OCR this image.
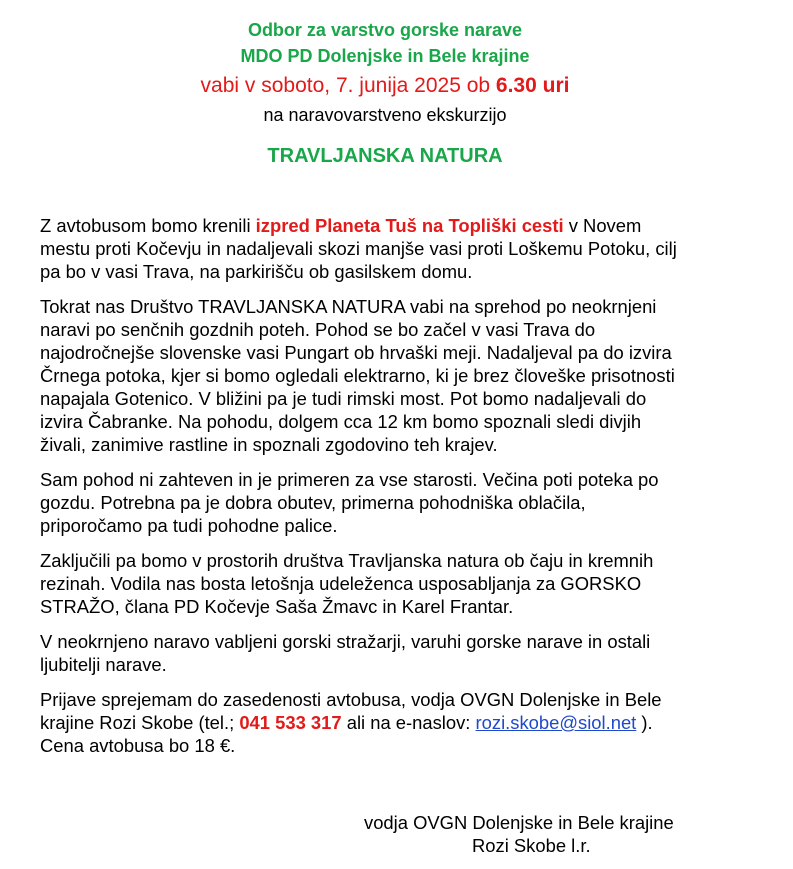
Odbor za varstvo gorske narave
MDO PD Dolenjske in Bele krajine
vabi v soboto, 7. junija 2025 ob 6.30 uri
na naravovarstveno ekskurzijo
TRAVLJANSKA NATURA

Z avtobusom bomo krenili izpred Planeta Tuš na Topliški cesti v Novem
mestu proti Kočevju in nadaljevali skozi manjše vasi proti Loškemu Potoku, cilj
pa bo v vasi Trava, na parkirišču ob gasilskem domu.

Tokrat nas Društvo TRAVLJANSKA NATURA vabi na sprehod po neokrnjeni
naravi po senčnih gozdnih poteh. Pohod se bo začel v vasi Trava do
najodročnejše slovenske vasi Pungart ob hrvaški meji. Nadaljeval pa do izvira
Črnega potoka, kjer si bomo ogledali elektrarno, ki je brez človeške prisotnosti
napajala Gotenico. V bližini pa je tudi rimski most. Pot bomo nadaljevali do
izvira Čabranke. Na pohodu, dolgem cca 12 km bomo spoznali sledi divjih
živali, zanimive rastline in spoznali zgodovino teh krajev.

Sam pohod ni zahteven in je primeren za vse starosti. Večina poti poteka po
gozdu. Potrebna pa je dobra obutev, primerna pohodniška oblačila,
priporočamo pa tudi pohodne palice.

Zaključili pa bomo v prostorih društva Travljanska natura ob čaju in kremnih
rezinah. Vodila nas bosta letošnja udeleženca usposabljanja za GORSKO
STRAŽO, člana PD Kočevje Saša Žmavc in Karel Frantar.

V neokrnjeno naravo vabljeni gorski stražarji, varuhi gorske narave in ostali
ljubitelji narave.

Prijave sprejemam do zasedenosti avtobusa, vodja OVGN Dolenjske in Bele
krajine Rozi Skobe (tel.; 041 533 317 ali na e-naslov: rozi.skobe@siol.net ).
Cena avtobusa bo 18 €.

vodja OVGN Dolenjske in Bele krajine
Rozi Skobe l.r.
